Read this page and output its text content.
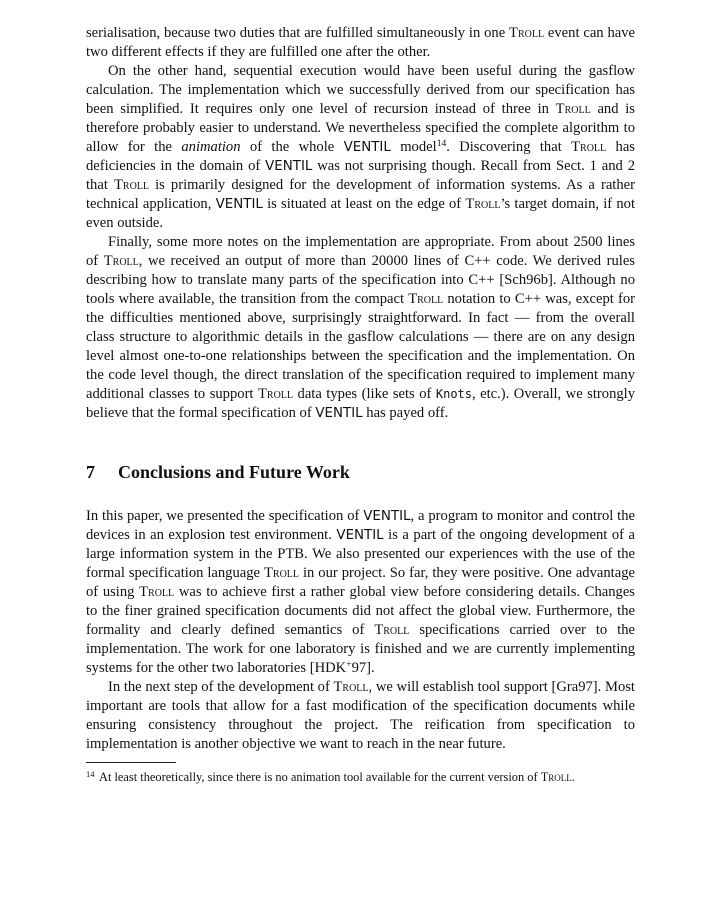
serialisation, because two duties that are fulfilled simultaneously in one Troll event can have two different effects if they are fulfilled one after the other.

On the other hand, sequential execution would have been useful during the gasflow calculation. The implementation which we successfully derived from our specification has been simplified. It requires only one level of recursion instead of three in Troll and is therefore probably easier to understand. We nevertheless specified the complete algorithm to allow for the animation of the whole VENTIL model$^{14}$. Discovering that Troll has deficiencies in the domain of VENTIL was not surprising though. Recall from Sect. 1 and 2 that Troll is primarily designed for the development of information systems. As a rather technical application, VENTIL is situated at least on the edge of Troll’s target domain, if not even outside.

Finally, some more notes on the implementation are appropriate. From about 2500 lines of Troll, we received an output of more than 20000 lines of C++ code. We derived rules describing how to translate many parts of the specification into C++ [Sch96b]. Although no tools where available, the transition from the compact Troll notation to C++ was, except for the difficulties mentioned above, surprisingly straightforward. In fact — from the overall class structure to algorithmic details in the gasflow calculations — there are on any design level almost one-to-one relationships between the specification and the implementation. On the code level though, the direct translation of the specification required to implement many additional classes to support Troll data types (like sets of Knots, etc.). Overall, we strongly believe that the formal specification of VENTIL has payed off.

7 Conclusions and Future Work

In this paper, we presented the specification of VENTIL, a program to monitor and control the devices in an explosion test environment. VENTIL is a part of the ongoing development of a large information system in the PTB. We also presented our experiences with the use of the formal specification language Troll in our project. So far, they were positive. One advantage of using Troll was to achieve first a rather global view before considering details. Changes to the finer grained specification documents did not affect the global view. Furthermore, the formality and clearly defined semantics of Troll specifications carried over to the implementation. The work for one laboratory is finished and we are currently implementing systems for the other two laboratories [HDK+97].

In the next step of the development of Troll, we will establish tool support [Gra97]. Most important are tools that allow for a fast modification of the specification documents while ensuring consistency throughout the project. The reification from specification to implementation is another objective we want to reach in the near future.

14 At least theoretically, since there is no animation tool available for the current version of Troll.
